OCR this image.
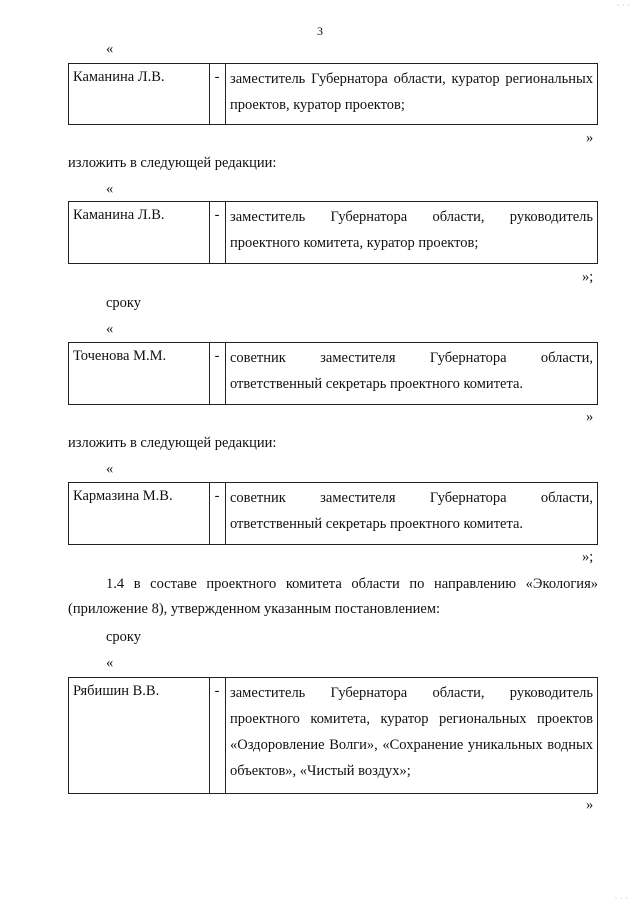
· · ·
· · ·
3
«
Каманина Л.В.	- заместитель Губернатора области, куратор региональных проектов, куратор проектов;
»
изложить в следующей редакции:
«
Каманина Л.В.	- заместитель Губернатора области, руководитель проектного комитета, куратор проектов;
»;
сроку
«
Точенова М.М.	- советник заместителя Губернатора области, ответственный секретарь проектного комитета.
»
изложить в следующей редакции:
«
Кармазина М.В.	- советник заместителя Губернатора области, ответственный секретарь проектного комитета.
»;
1.4 в составе проектного комитета области по направлению «Экология» (приложение 8), утвержденном указанным постановлением:
сроку
«
Рябишин В.В.	- заместитель Губернатора области, руководитель проектного комитета, куратор региональных проектов «Оздоровление Волги», «Сохранение уникальных водных объектов», «Чистый воздух»;
»
